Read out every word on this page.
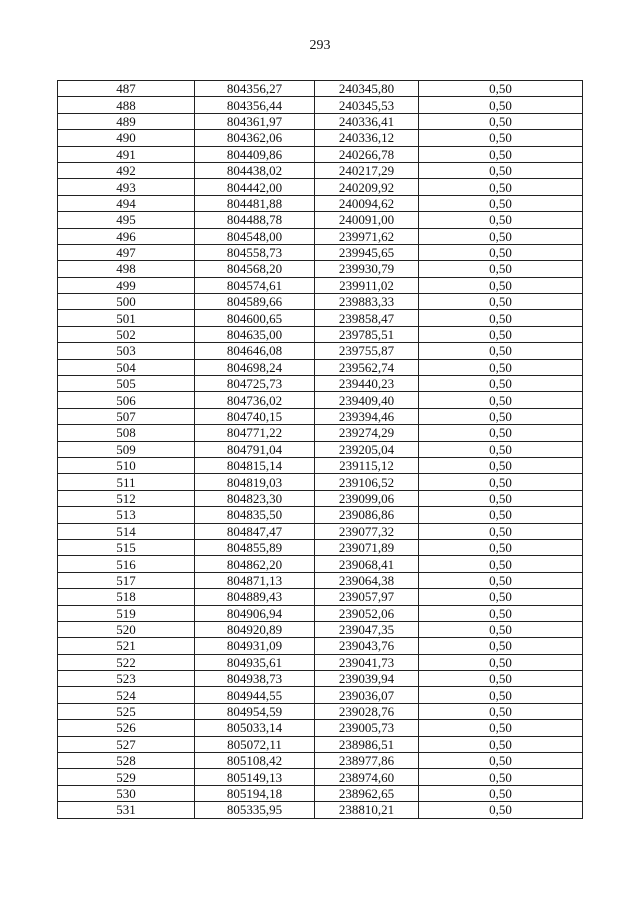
293
487	804356,27	240345,80	0,50
488	804356,44	240345,53	0,50
489	804361,97	240336,41	0,50
490	804362,06	240336,12	0,50
491	804409,86	240266,78	0,50
492	804438,02	240217,29	0,50
493	804442,00	240209,92	0,50
494	804481,88	240094,62	0,50
495	804488,78	240091,00	0,50
496	804548,00	239971,62	0,50
497	804558,73	239945,65	0,50
498	804568,20	239930,79	0,50
499	804574,61	239911,02	0,50
500	804589,66	239883,33	0,50
501	804600,65	239858,47	0,50
502	804635,00	239785,51	0,50
503	804646,08	239755,87	0,50
504	804698,24	239562,74	0,50
505	804725,73	239440,23	0,50
506	804736,02	239409,40	0,50
507	804740,15	239394,46	0,50
508	804771,22	239274,29	0,50
509	804791,04	239205,04	0,50
510	804815,14	239115,12	0,50
511	804819,03	239106,52	0,50
512	804823,30	239099,06	0,50
513	804835,50	239086,86	0,50
514	804847,47	239077,32	0,50
515	804855,89	239071,89	0,50
516	804862,20	239068,41	0,50
517	804871,13	239064,38	0,50
518	804889,43	239057,97	0,50
519	804906,94	239052,06	0,50
520	804920,89	239047,35	0,50
521	804931,09	239043,76	0,50
522	804935,61	239041,73	0,50
523	804938,73	239039,94	0,50
524	804944,55	239036,07	0,50
525	804954,59	239028,76	0,50
526	805033,14	239005,73	0,50
527	805072,11	238986,51	0,50
528	805108,42	238977,86	0,50
529	805149,13	238974,60	0,50
530	805194,18	238962,65	0,50
531	805335,95	238810,21	0,50
